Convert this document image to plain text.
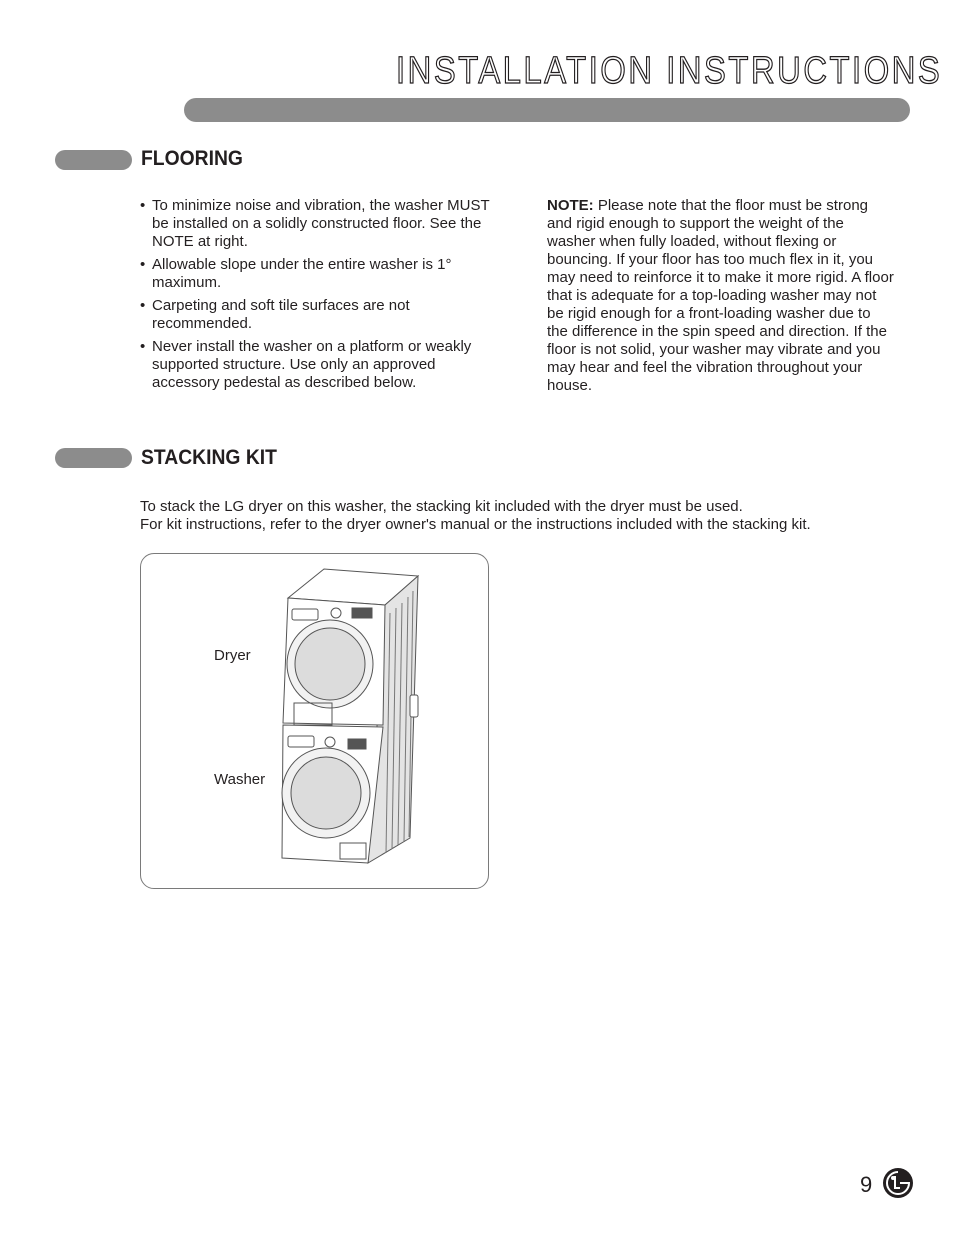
INSTALLATION INSTRUCTIONS
FLOORING
• To minimize noise and vibration, the washer MUST be installed on a solidly constructed floor. See the NOTE at right.
• Allowable slope under the entire washer is 1° maximum.
• Carpeting and soft tile surfaces are not recommended.
• Never install the washer on a platform or weakly supported structure. Use only an approved accessory pedestal as described below.

NOTE: Please note that the floor must be strong and rigid enough to support the weight of the washer when fully loaded, without flexing or bouncing. If your floor has too much flex in it, you may need to reinforce it to make it more rigid. A floor that is adequate for a top-loading washer may not be rigid enough for a front-loading washer due to the difference in the spin speed and direction. If the floor is not solid, your washer may vibrate and you may hear and feel the vibration throughout your house.

STACKING KIT
To stack the LG dryer on this washer, the stacking kit included with the dryer must be used.
For kit instructions, refer to the dryer owner's manual or the instructions included with the stacking kit.
Dryer
Washer
9
